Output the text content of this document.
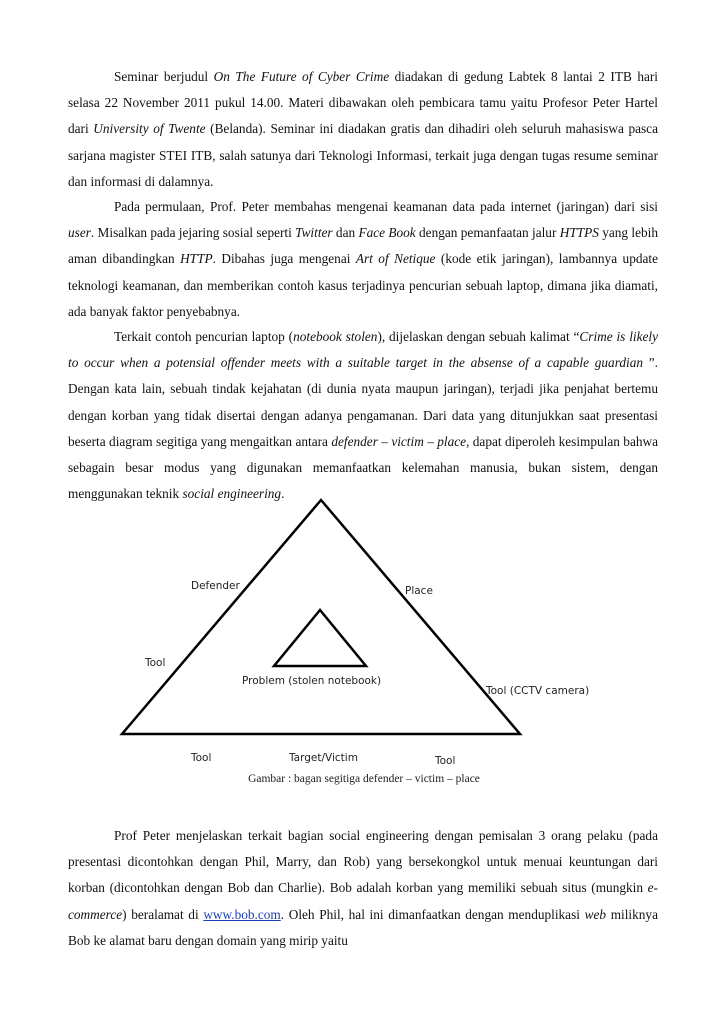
Seminar berjudul On The Future of Cyber Crime diadakan di gedung Labtek 8 lantai 2 ITB hari selasa 22 November 2011 pukul 14.00. Materi dibawakan oleh pembicara tamu yaitu Profesor Peter Hartel dari University of Twente (Belanda). Seminar ini diadakan gratis dan dihadiri oleh seluruh mahasiswa pasca sarjana magister STEI ITB, salah satunya dari Teknologi Informasi, terkait juga dengan tugas resume seminar dan informasi di dalamnya.

Pada permulaan, Prof. Peter membahas mengenai keamanan data pada internet (jaringan) dari sisi user. Misalkan pada jejaring sosial seperti Twitter dan Face Book dengan pemanfaatan jalur HTTPS yang lebih aman dibandingkan HTTP. Dibahas juga mengenai Art of Netique (kode etik jaringan), lambannya update teknologi keamanan, dan memberikan contoh kasus terjadinya pencurian sebuah laptop, dimana jika diamati, ada banyak faktor penyebabnya.

Terkait contoh pencurian laptop (notebook stolen), dijelaskan dengan sebuah kalimat “Crime is likely to occur when a potensial offender meets with a suitable target in the absense of a capable guardian ”. Dengan kata lain, sebuah tindak kejahatan (di dunia nyata maupun jaringan), terjadi jika penjahat bertemu dengan korban yang tidak disertai dengan adanya pengamanan. Dari data yang ditunjukkan saat presentasi beserta diagram segitiga yang mengaitkan antara defender – victim – place, dapat diperoleh kesimpulan bahwa sebagain besar modus yang digunakan memanfaatkan kelemahan manusia, bukan sistem, dengan menggunakan teknik social engineering.

Defender	Place
Tool
Problem (stolen notebook)
Tool (CCTV camera)
Tool	Target/Victim	Tool
Gambar : bagan segitiga defender – victim – place

Prof Peter menjelaskan terkait bagian social engineering dengan pemisalan 3 orang pelaku (pada presentasi dicontohkan dengan Phil, Marry, dan Rob) yang bersekongkol untuk menuai keuntungan dari korban (dicontohkan dengan Bob dan Charlie). Bob adalah korban yang memiliki sebuah situs (mungkin e-commerce) beralamat di www.bob.com. Oleh Phil, hal ini dimanfaatkan dengan menduplikasi web miliknya Bob ke alamat baru dengan domain yang mirip yaitu
